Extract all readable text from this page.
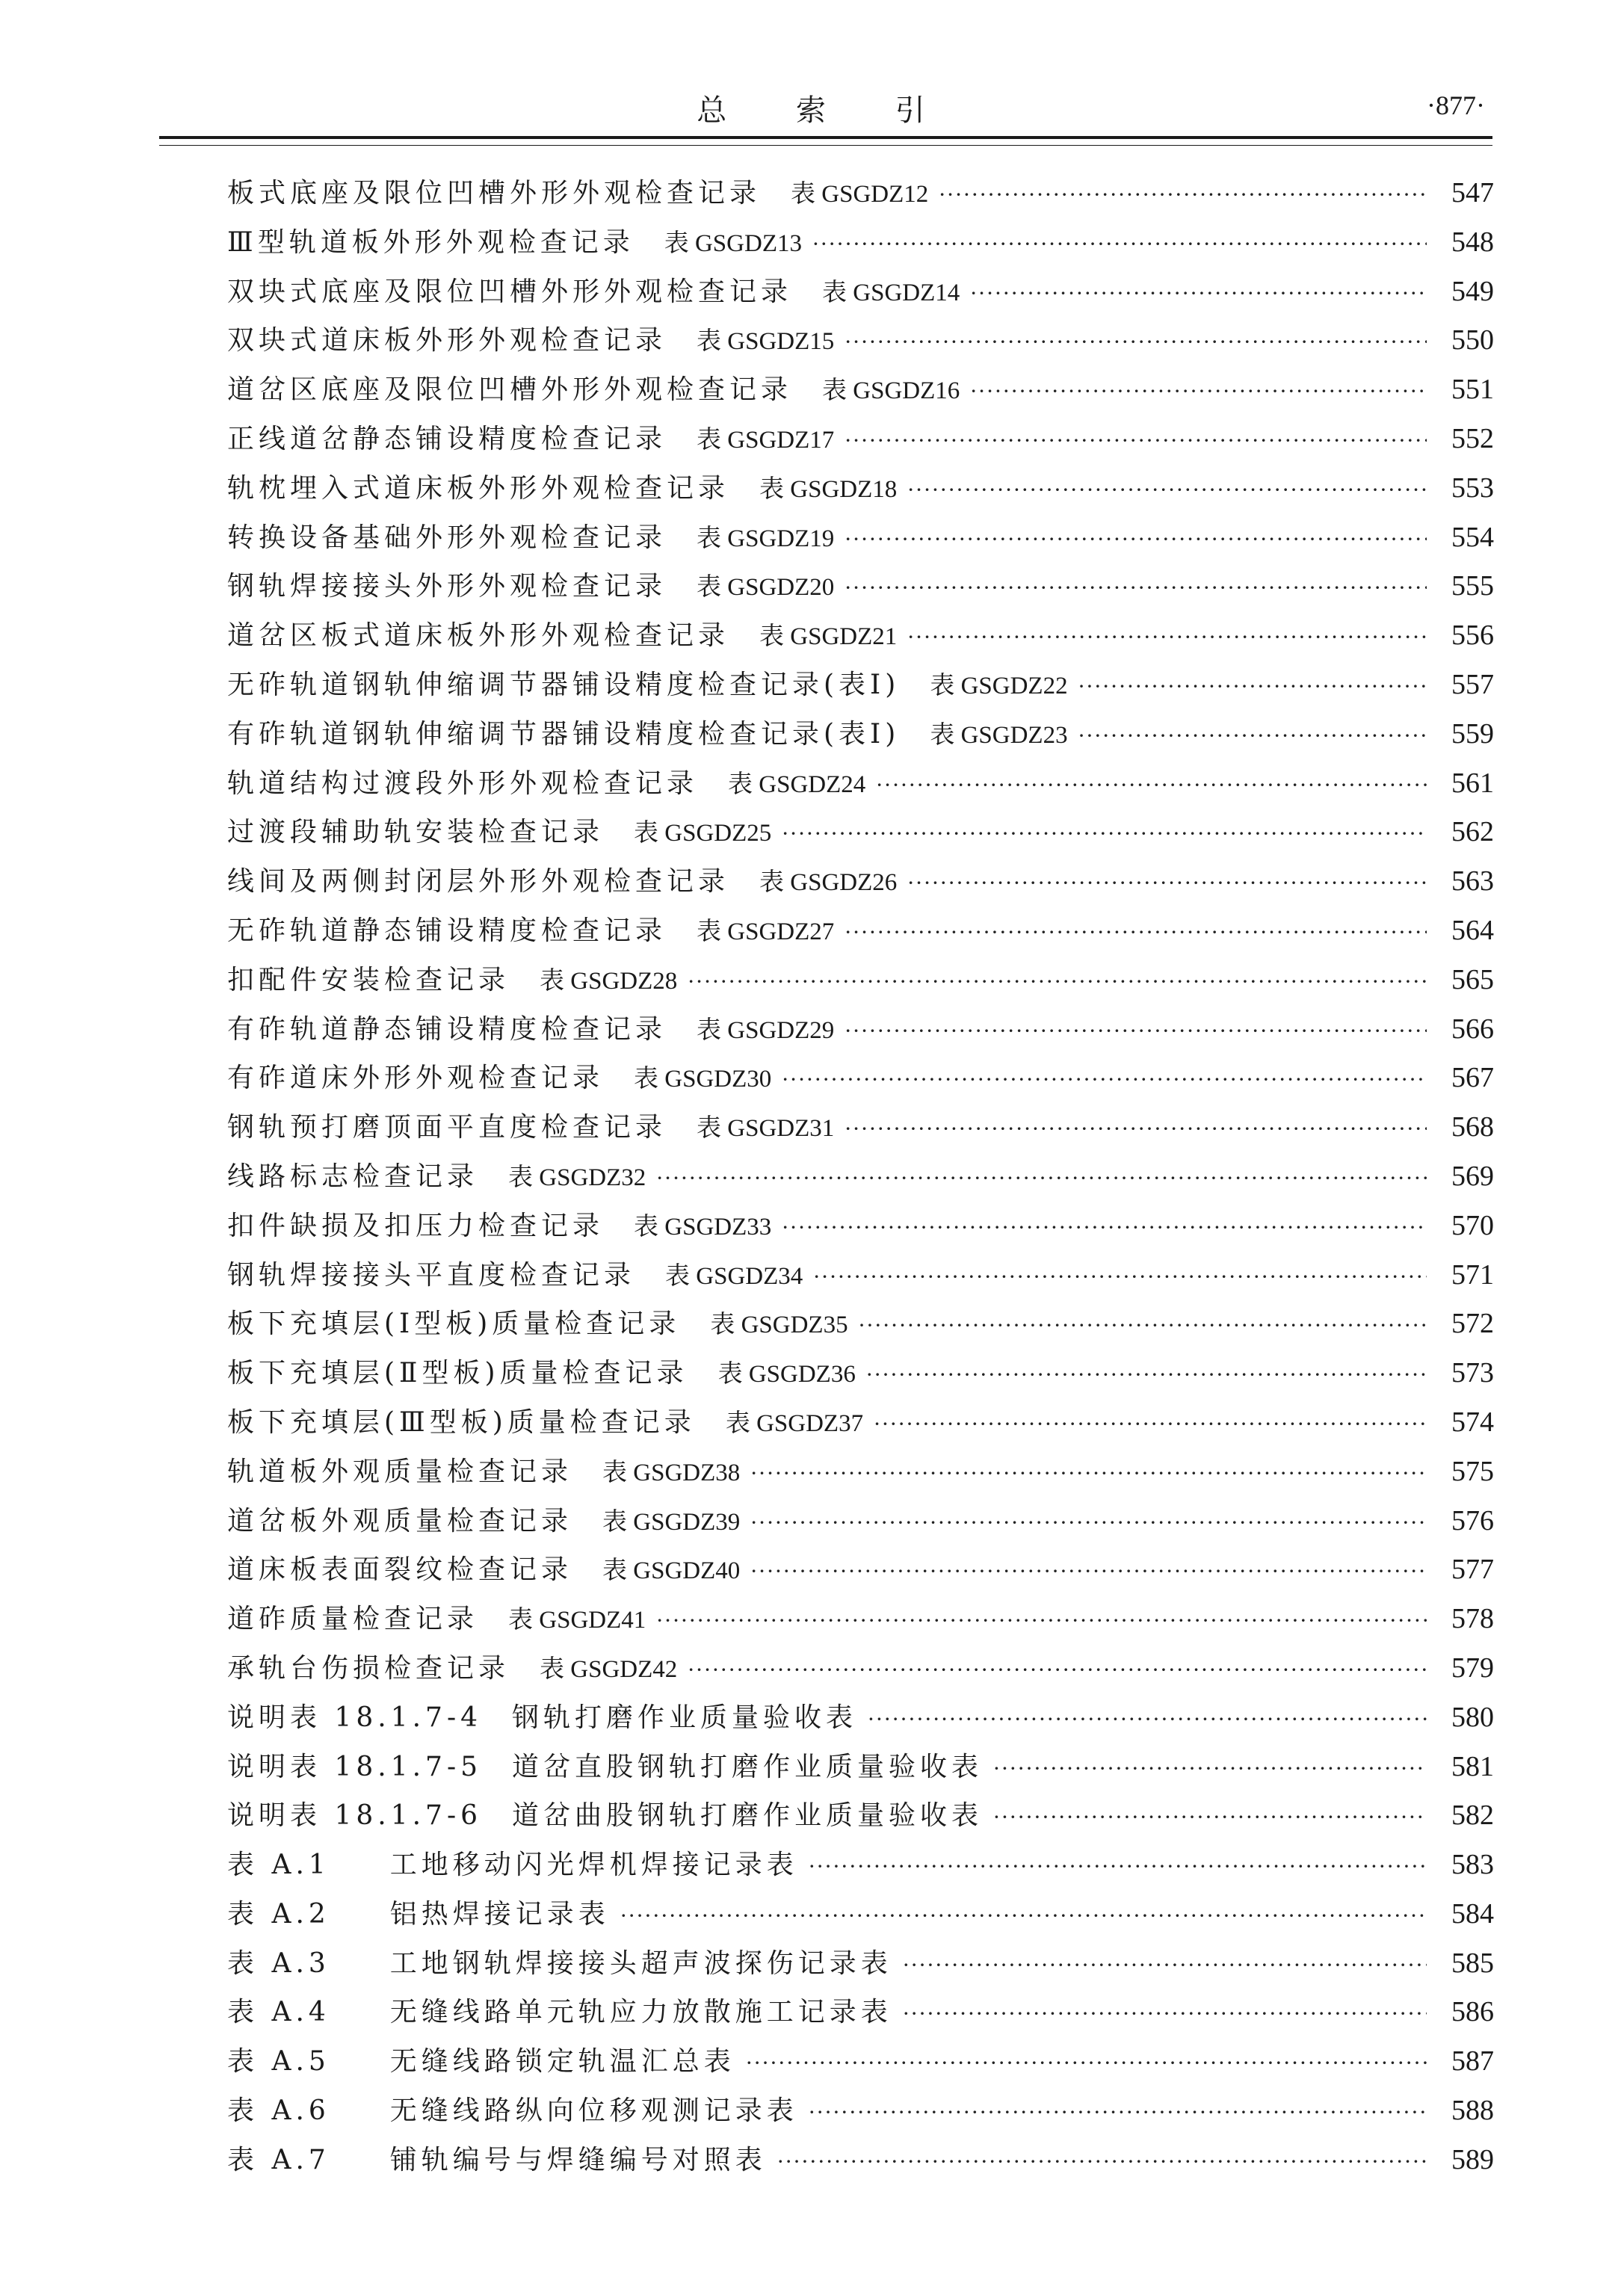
总 索 引	·877·
板式底座及限位凹槽外形外观检查记录 表 GSGDZ12 ·····	547
Ⅲ型轨道板外形外观检查记录 表 GSGDZ13 ·····	548
双块式底座及限位凹槽外形外观检查记录 表 GSGDZ14 ·····	549
双块式道床板外形外观检查记录 表 GSGDZ15 ·····	550
道岔区底座及限位凹槽外形外观检查记录 表 GSGDZ16 ·····	551
正线道岔静态铺设精度检查记录 表 GSGDZ17 ·····	552
轨枕埋入式道床板外形外观检查记录 表 GSGDZ18 ·····	553
转换设备基础外形外观检查记录 表 GSGDZ19 ·····	554
钢轨焊接接头外形外观检查记录 表 GSGDZ20 ·····	555
道岔区板式道床板外形外观检查记录 表 GSGDZ21 ·····	556
无砟轨道钢轨伸缩调节器铺设精度检查记录(表Ⅰ) 表 GSGDZ22 ·····	557
有砟轨道钢轨伸缩调节器铺设精度检查记录(表Ⅰ) 表 GSGDZ23 ·····	559
轨道结构过渡段外形外观检查记录 表 GSGDZ24 ·····	561
过渡段辅助轨安装检查记录 表 GSGDZ25 ·····	562
线间及两侧封闭层外形外观检查记录 表 GSGDZ26 ·····	563
无砟轨道静态铺设精度检查记录 表 GSGDZ27 ·····	564
扣配件安装检查记录 表 GSGDZ28 ·····	565
有砟轨道静态铺设精度检查记录 表 GSGDZ29 ·····	566
有砟道床外形外观检查记录 表 GSGDZ30 ·····	567
钢轨预打磨顶面平直度检查记录 表 GSGDZ31 ·····	568
线路标志检查记录 表 GSGDZ32 ·····	569
扣件缺损及扣压力检查记录 表 GSGDZ33 ·····	570
钢轨焊接接头平直度检查记录 表 GSGDZ34 ·····	571
板下充填层(Ⅰ型板)质量检查记录 表 GSGDZ35 ·····	572
板下充填层(Ⅱ型板)质量检查记录 表 GSGDZ36 ·····	573
板下充填层(Ⅲ型板)质量检查记录 表 GSGDZ37 ·····	574
轨道板外观质量检查记录 表 GSGDZ38 ·····	575
道岔板外观质量检查记录 表 GSGDZ39 ·····	576
道床板表面裂纹检查记录 表 GSGDZ40 ·····	577
道砟质量检查记录 表 GSGDZ41 ·····	578
承轨台伤损检查记录 表 GSGDZ42 ·····	579
说明表 18.1.7-4 钢轨打磨作业质量验收表 ·····	580
说明表 18.1.7-5 道岔直股钢轨打磨作业质量验收表 ·····	581
说明表 18.1.7-6 道岔曲股钢轨打磨作业质量验收表 ·····	582
表 A.1 工地移动闪光焊机焊接记录表 ·····	583
表 A.2 铝热焊接记录表 ·····	584
表 A.3 工地钢轨焊接接头超声波探伤记录表 ·····	585
表 A.4 无缝线路单元轨应力放散施工记录表 ·····	586
表 A.5 无缝线路锁定轨温汇总表 ·····	587
表 A.6 无缝线路纵向位移观测记录表 ·····	588
表 A.7 铺轨编号与焊缝编号对照表 ·····	589
